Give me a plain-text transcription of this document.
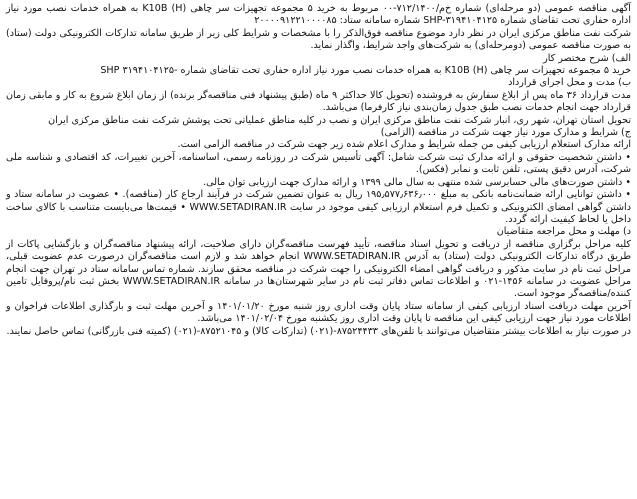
آگهی مناقصه عمومی (دو مرحله‌ای) شماره خ‌م/۷۱۲/۱۴۰۰-۰۰ مربوط به خرید ۵ مجموعه تجهیزات سر چاهی K10B (H) به همراه خدمات نصب مورد نیاز اداره حفاری تحت تقاضای شماره SHP-۳۱۹۴۱۰۴۱۲۵ شماره سامانه ستاد: ۲۰۰۰۰۹۱۲۲۱۰۰۰۰۸۵

شرکت نفت مناطق مرکزی ایران در نظر دارد موضوع مناقصه فوق‌الذکر را با مشخصات و شرایط کلی زیر از طریق سامانه تدارکات الکترونیکی دولت (ستاد) به صورت مناقصه عمومی (دومرحله‌ای) به شرکت‌های واجد شرایط، واگذار نماید.

الف) شرح مختصر کار

خرید ۵ مجموعه تجهیزات سر چاهی K10B (H) به همراه خدمات نصب مورد نیاز اداره حفاری تحت تقاضای شماره -SHP ۳۱۹۴۱۰۴۱۲۵

ب) مدت و محل اجرای قرارداد

مدت قرارداد ۳۶ ماه پس از ابلاغ سفارش به فروشنده (تحویل کالا حداکثر ۹ ماه (طبق پیشنهاد فنی مناقصه‌گر برنده) از زمان ابلاغ شروع به کار و مابقی زمان قرارداد جهت انجام خدمات نصب طبق جدول زمان‌بندی نیاز کارفرما) می‌باشد.

تحویل استان تهران، شهر ری، انبار شرکت نفت مناطق مرکزی ایران و نصب در کلیه مناطق عملیاتی تحت پوشش شرکت نفت مناطق مرکزی ایران

ج) شرایط و مدارک مورد نیاز جهت شرکت در مناقصه (الزامی)

ارائه مدارک استعلام ارزیابی کیفی من جمله شرایط و مدارک اعلام شده زیر جهت شرکت در مناقصه الزامی است.

• داشتن شخصیت حقوقی و ارائه مدارک ثبت شرکت شامل: آگهی تأسیس شرکت در روزنامه رسمی، اساسنامه، آخرین تغییرات، کد اقتصادی و شناسه ملی شرکت، آدرس دقیق پستی، تلفن ثابت و نمابر (فکس).

• داشتن صورت‌های مالی حسابرسی شده منتهی به سال مالی ۱۳۹۹ و ارائه مدارک جهت ارزیابی توان مالی.

• داشتن توانایی ارائه ضمانت‌نامه بانکی به مبلغ ۱۹۵٫۵۷۷٫۶۳۶٫۰۰۰ ریال به عنوان تضمین شرکت در فرآیند ارجاع کار (مناقصه). • عضویت در سامانه ستاد و داشتن گواهی امضای الکترونیکی و تکمیل فرم استعلام ارزیابی کیفی موجود در سایت WWW.SETADIRAN.IR • قیمت‌ها می‌بایست متناسب با کالای ساخت داخل یا لحاظ کیفیت ارائه گردد.

د) مهلت و محل مراجعه متقاضیان

کلیه مراحل برگزاری مناقصه از دریافت و تحویل اسناد مناقصه، تأیید فهرست مناقصه‌گران دارای صلاحیت، ارائه پیشنهاد مناقصه‌گران و بازگشایی پاکات از طریق درگاه تدارکات الکترونیکی دولت (ستاد) به آدرس WWW.SETADIRAN.IR انجام خواهد شد و لازم است مناقصه‌گران درصورت عدم عضویت قبلی، مراحل ثبت نام در سایت مذکور و دریافت گواهی امضاء الکترونیکی را جهت شرکت در مناقصه محقق سازند. شماره تماس سامانه ستاد در تهران جهت انجام مراحل عضویت در سامانه ۱۴۵۶-۰۲۱ و اطلاعات تماس دفاتر ثبت نام در سایر شهرستان‌ها در سامانه WWW.SETADIRAN.IR بخش ثبت نام/پروفایل تامین کننده/مناقصه‌گر موجود است.

آخرین مهلت دریافت اسناد ارزیابی کیفی از سامانه ستاد پایان وقت اداری روز شنبه مورخ ۱۴۰۱/۰۱/۲۰ و آخرین مهلت ثبت و بارگذاری اطلاعات فراخوان و اطلاعات مورد نیاز جهت ارزیابی کیفی این مناقصه تا پایان وقت اداری روز یکشنبه مورخ ۱۴۰۱/۰۲/۰۴ می‌باشد.

در صورت نیاز به اطلاعات بیشتر متقاضیان می‌توانند با تلفن‌های ۸۷۵۲۴۴۳۳-(۰۲۱) (تدارکات کالا) و ۸۷۵۲۱۰۴۵-(۰۲۱) (کمیته فنی بازرگانی) تماس حاصل نمایند.
